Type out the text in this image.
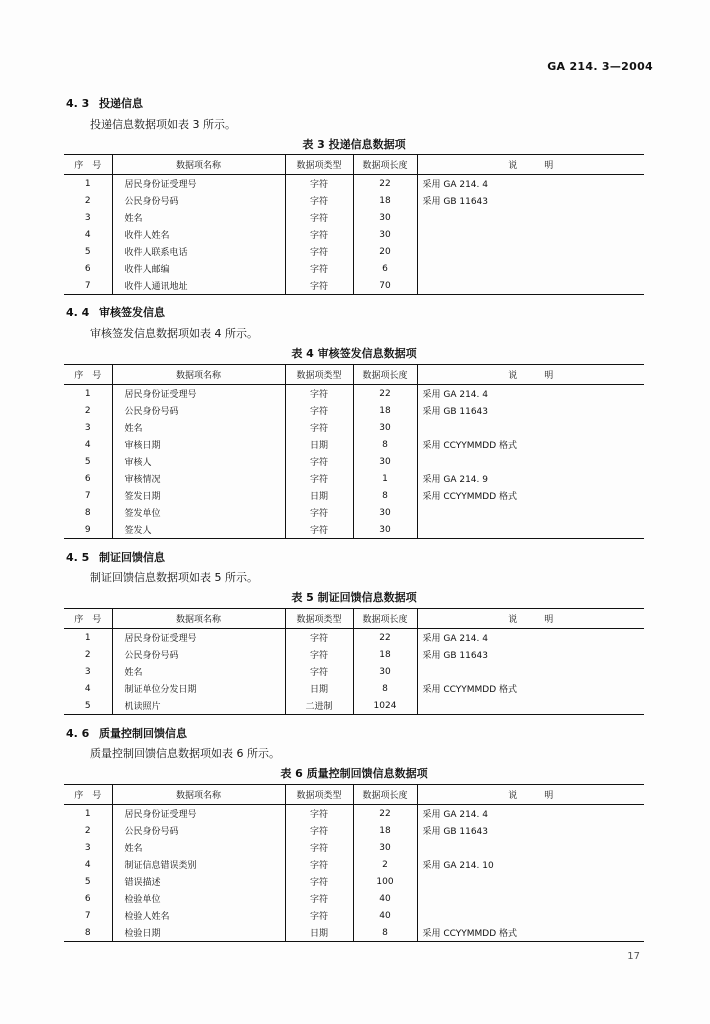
GA 214. 3—2004
4. 3 投递信息
投递信息数据项如表 3 所示。
表 3 投递信息数据项
序　号	数据项名称	数据项类型	数据项长度	说　　　明
1	居民身份证受理号	字符	22	采用 GA 214. 4
2	公民身份号码	字符	18	采用 GB 11643
3	姓名	字符	30	
4	收件人姓名	字符	30	
5	收件人联系电话	字符	20	
6	收件人邮编	字符	6	
7	收件人通讯地址	字符	70	
4. 4 审核签发信息
审核签发信息数据项如表 4 所示。
表 4 审核签发信息数据项
序　号	数据项名称	数据项类型	数据项长度	说　　　明
1	居民身份证受理号	字符	22	采用 GA 214. 4
2	公民身份号码	字符	18	采用 GB 11643
3	姓名	字符	30	
4	审核日期	日期	8	采用 CCYYMMDD 格式
5	审核人	字符	30	
6	审核情况	字符	1	采用 GA 214. 9
7	签发日期	日期	8	采用 CCYYMMDD 格式
8	签发单位	字符	30	
9	签发人	字符	30	
4. 5 制证回馈信息
制证回馈信息数据项如表 5 所示。
表 5 制证回馈信息数据项
序　号	数据项名称	数据项类型	数据项长度	说　　　明
1	居民身份证受理号	字符	22	采用 GA 214. 4
2	公民身份号码	字符	18	采用 GB 11643
3	姓名	字符	30	
4	制证单位分发日期	日期	8	采用 CCYYMMDD 格式
5	机读照片	二进制	1024	
4. 6 质量控制回馈信息
质量控制回馈信息数据项如表 6 所示。
表 6 质量控制回馈信息数据项
序　号	数据项名称	数据项类型	数据项长度	说　　　明
1	居民身份证受理号	字符	22	采用 GA 214. 4
2	公民身份号码	字符	18	采用 GB 11643
3	姓名	字符	30	
4	制证信息错误类别	字符	2	采用 GA 214. 10
5	错误描述	字符	100	
6	检验单位	字符	40	
7	检验人姓名	字符	40	
8	检验日期	日期	8	采用 CCYYMMDD 格式
17
